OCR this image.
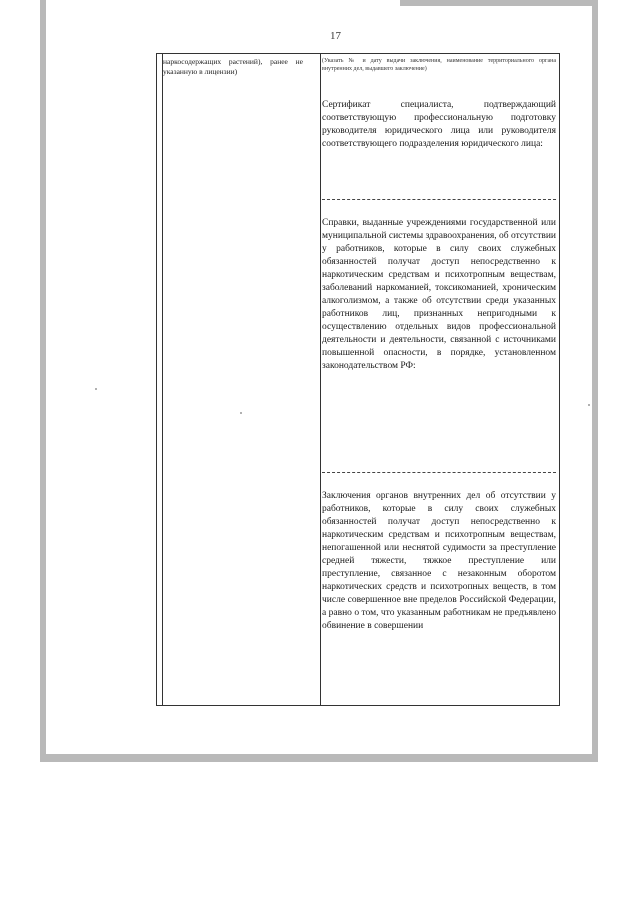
17
наркосодержащих растений), ранее не указанную в лицензии)
(Указать № и дату выдачи заключения, наименование территориального органа внутренних дел, выдавшего заключение)
Сертификат специалиста, подтверждающий соответствующую профессиональную подготовку руководителя юридического лица или руководителя соответствующего подразделения юридического лица:
Справки, выданные учреждениями государственной или муниципальной системы здравоохранения, об отсутствии у работников, которые в силу своих служебных обязанностей получат доступ непосредственно к наркотическим средствам и психотропным веществам, заболеваний наркоманией, токсикоманией, хроническим алкоголизмом, а также об отсутствии среди указанных работников лиц, признанных непригодными к осуществлению отдельных видов профессиональной деятельности и деятельности, связанной с источниками повышенной опасности, в порядке, установленном законодательством РФ:
Заключения органов внутренних дел об отсутствии у работников, которые в силу своих служебных обязанностей получат доступ непосредственно к наркотическим средствам и психотропным веществам, непогашенной или неснятой судимости за преступление средней тяжести, тяжкое преступление или преступление, связанное с незаконным оборотом наркотических средств и психотропных веществ, в том числе совершенное вне пределов Российской Федерации, а равно о том, что указанным работникам не предъявлено обвинение в совершении
